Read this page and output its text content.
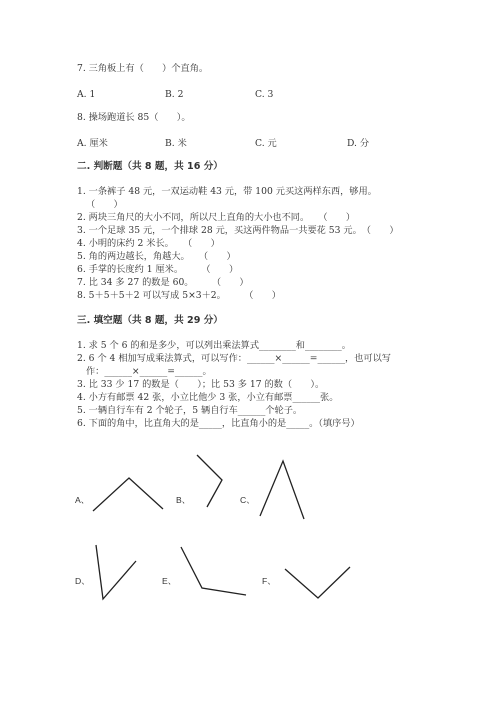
7. 三角板上有（　　）个直角。
A. 1	B. 2	C. 3
8. 操场跑道长 85（　　）。
A. 厘米	B. 米	C. 元	D. 分
二. 判断题（共 8 题，共 16 分）
1. 一条裤子 48 元，一双运动鞋 43 元，带 100 元买这两样东西，够用。
（　　）
2. 两块三角尺的大小不同，所以尺上直角的大小也不同。　　（　　）
3. 一个足球 35 元，一个排球 28 元，买这两件物品一共要花 53 元。　（　　）
4. 小明的床约 2 米长。　　（　　）
5. 角的两边越长，角越大。　　（　　）
6. 手掌的长度约 1 厘米。　　　（　　）
7. 比 34 多 27 的数是 60。　　　（　　）
8. 5＋5＋5＋2 可以写成 5×3＋2。　　　（　　）
三. 填空题（共 8 题，共 29 分）
1. 求 5 个 6 的和是多少，可以列出乘法算式________和________。
2. 6 个 4 相加写成乘法算式，可以写作：______×______=______，也可以写
作：______×______=______。
3. 比 33 少 17 的数是（　　）；比 53 多 17 的数（　　）。
4. 小方有邮票 42 张，小立比他少 3 张，小立有邮票______张。
5. 一辆自行车有 2 个轮子，5 辆自行车______个轮子。
6. 下面的角中，比直角大的是_____，比直角小的是_____。（填序号）
A、	B、	C、
D、	E、	F、
